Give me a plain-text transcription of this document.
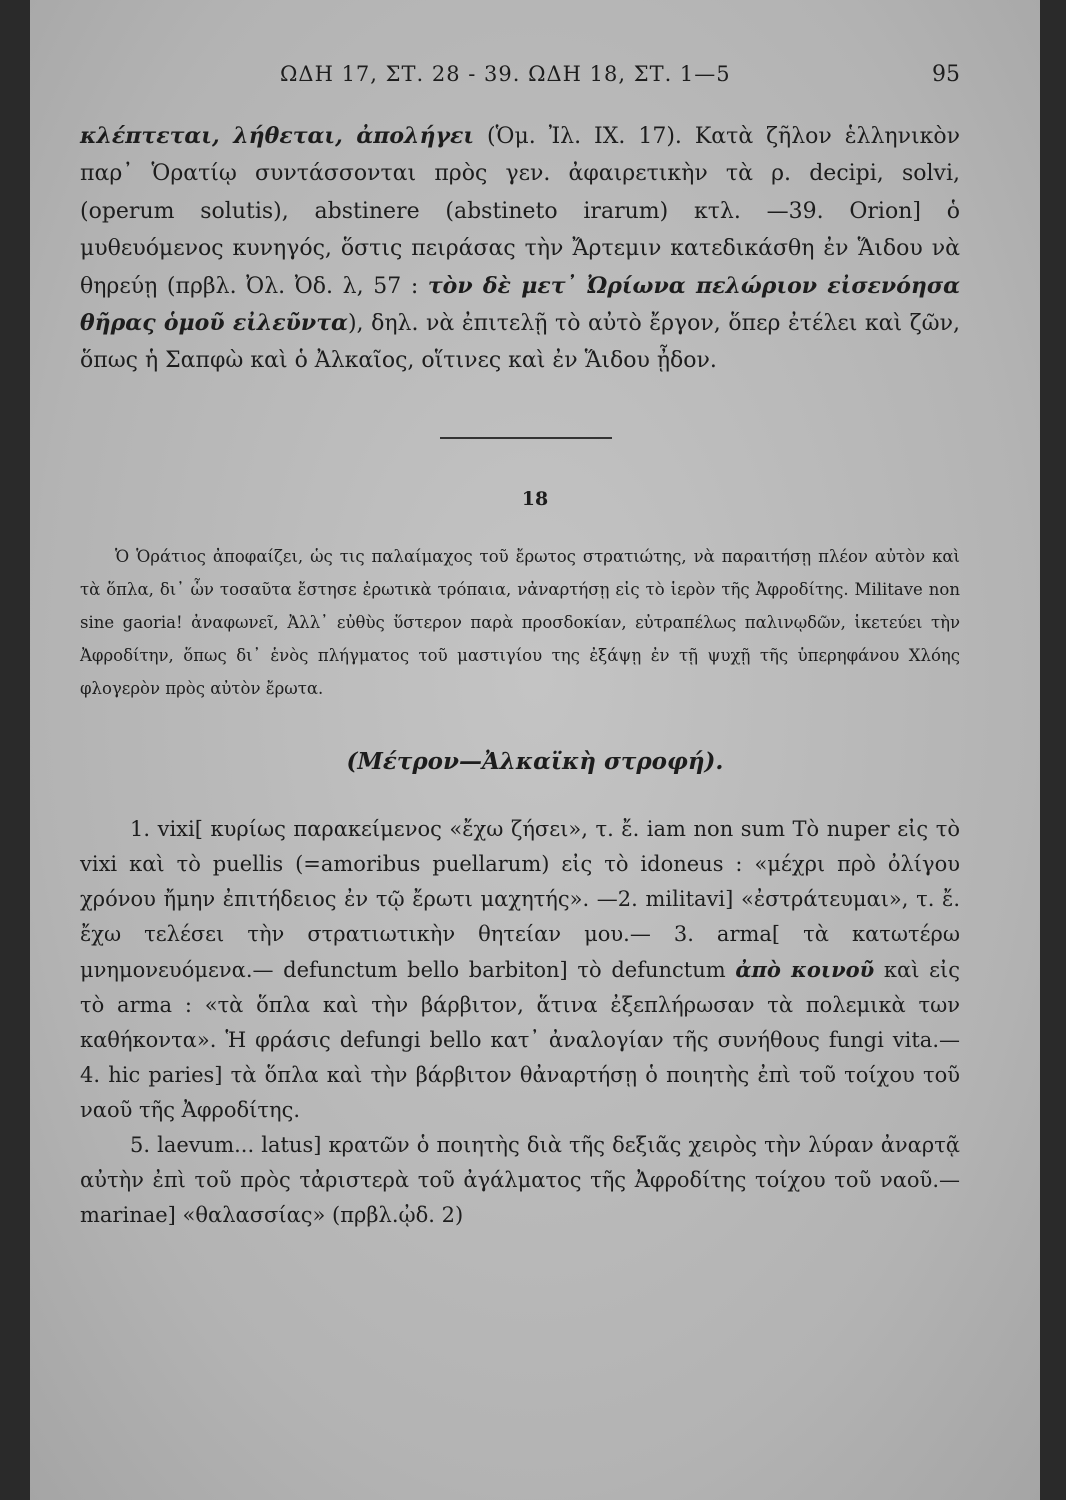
ΩΔΗ 17, ΣΤ. 28 - 39. ΩΔΗ 18, ΣΤ. 1—5	95

κλέπτεται, λήθεται, ἀπολήγει (Ὁμ. Ἰλ. ΙΧ. 17). Κατὰ ζῆλον ἑλληνικὸν παρ᾿ Ὁρατίῳ συντάσσονται πρὸς γεν. ἀφαιρετικὴν τὰ ρ. decipi, solvi, (operum solutis), abstinere (abstineto irarum) κτλ. —39. Orion] ὁ μυθευόμενος κυνηγός, ὅστις πειράσας τὴν Ἄρτεμιν κατεδικάσθη ἐν Ἅιδου νὰ θηρεύῃ (πρβλ. Ὀλ. Ὀδ. λ, 57 : τὸν δὲ μετ᾿ Ὠρίωνα πελώριον εἰσενόησα θῆρας ὁμοῦ εἰλεῦντα), δηλ. νὰ ἐπιτελῇ τὸ αὐτὸ ἔργον, ὅπερ ἐτέλει καὶ ζῶν, ὅπως ἡ Σαπφὼ καὶ ὁ Ἀλκαῖος, οἵτινες καὶ ἐν Ἅιδου ᾖδον.

18

Ὁ Ὁράτιος ἀποφαίζει, ὡς τις παλαίμαχος τοῦ ἔρωτος στρατιώτης, νὰ παραιτήσῃ πλέον αὐτὸν καὶ τὰ ὅπλα, δι᾿ ὧν τοσαῦτα ἔστησε ἐρωτικὰ τρόπαια, νἀναρτήσῃ εἰς τὸ ἱερὸν τῆς Ἀφροδίτης. Militave non sine gaoria! ἀναφωνεῖ, Ἀλλ᾿ εὐθὺς ὕστερον παρὰ προσδοκίαν, εὐτραπέλως παλινῳδῶν, ἱκετεύει τὴν Ἀφροδίτην, ὅπως δι᾿ ἑνὸς πλήγματος τοῦ μαστιγίου της ἐξάψῃ ἐν τῇ ψυχῇ τῆς ὑπερηφάνου Χλόης φλογερὸν πρὸς αὐτὸν ἔρωτα.

(Μέτρον—Ἀλκαϊκὴ στροφή).

1. vixi[ κυρίως παρακείμενος «ἔχω ζήσει», τ. ἔ. iam non sum Τὸ nuper εἰς τὸ vixi καὶ τὸ puellis (=amoribus puellarum) εἰς τὸ idoneus : «μέχρι πρὸ ὀλίγου χρόνου ἤμην ἐπιτήδειος ἐν τῷ ἔρωτι μαχητής». —2. militavi] «ἐστράτευμαι», τ. ἔ. ἔχω τελέσει τὴν στρατιωτικὴν θητείαν μου.— 3. arma[ τὰ κατωτέρω μνημονευόμενα.— defunctum bello barbiton] τὸ defunctum ἀπὸ κοινοῦ καὶ εἰς τὸ arma : «τὰ ὅπλα καὶ τὴν βάρβιτον, ἅτινα ἐξεπλήρωσαν τὰ πολεμικὰ των καθήκοντα». Ἡ φράσις defungi bello κατ᾿ ἀναλογίαν τῆς συνήθους fungi vita.— 4. hic paries] τὰ ὅπλα καὶ τὴν βάρβιτον θἀναρτήσῃ ὁ ποιητὴς ἐπὶ τοῦ τοίχου τοῦ ναοῦ τῆς Ἀφροδίτης.

5. laevum... latus] κρατῶν ὁ ποιητὴς διὰ τῆς δεξιᾶς χειρὸς τὴν λύραν ἀναρτᾷ αὐτὴν ἐπὶ τοῦ πρὸς τἀριστερὰ τοῦ ἀγάλματος τῆς Ἀφροδίτης τοίχου τοῦ ναοῦ.—marinae] «θαλασσίας» (πρβλ.ᾠδ. 2)
